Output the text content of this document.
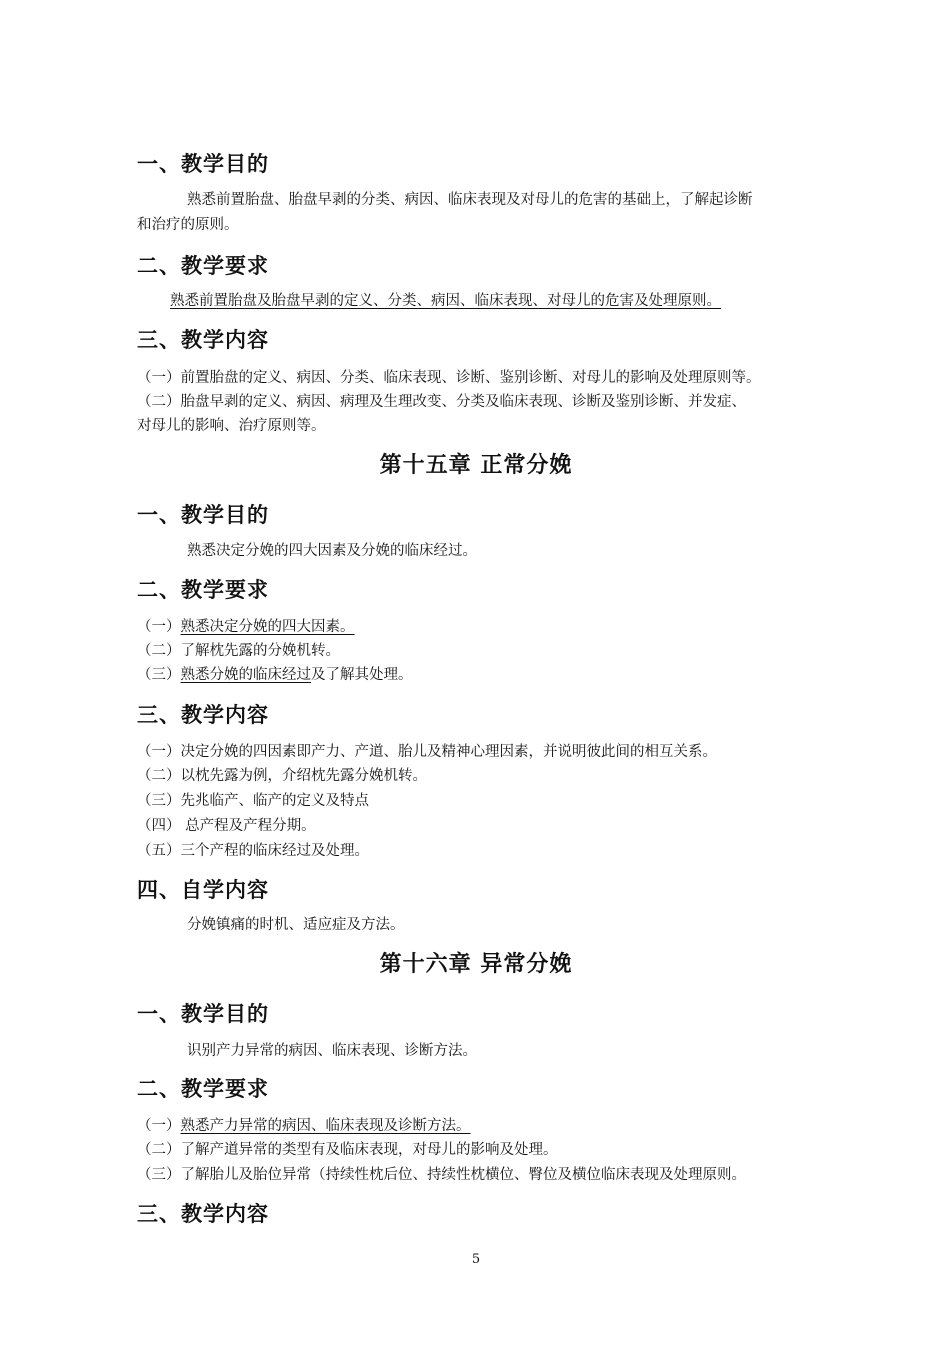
一、教学目的
熟悉前置胎盘、胎盘早剥的分类、病因、临床表现及对母儿的危害的基础上，了解起诊断
和治疗的原则。
二、教学要求
熟悉前置胎盘及胎盘早剥的定义、分类、病因、临床表现、对母儿的危害及处理原则。
三、教学内容
（一）前置胎盘的定义、病因、分类、临床表现、诊断、鉴别诊断、对母儿的影响及处理原则等。
（二）胎盘早剥的定义、病因、病理及生理改变、分类及临床表现、诊断及鉴别诊断、并发症、
对母儿的影响、治疗原则等。
第十五章 正常分娩
一、教学目的
熟悉决定分娩的四大因素及分娩的临床经过。
二、教学要求
（一）熟悉决定分娩的四大因素。
（二）了解枕先露的分娩机转。
（三）熟悉分娩的临床经过及了解其处理。
三、教学内容
（一）决定分娩的四因素即产力、产道、胎儿及精神心理因素，并说明彼此间的相互关系。
（二）以枕先露为例，介绍枕先露分娩机转。
（三）先兆临产、临产的定义及特点
（四） 总产程及产程分期。
（五）三个产程的临床经过及处理。
四、自学内容
分娩镇痛的时机、适应症及方法。
第十六章 异常分娩
一、教学目的
识别产力异常的病因、临床表现、诊断方法。
二、教学要求
（一）熟悉产力异常的病因、临床表现及诊断方法。
（二）了解产道异常的类型有及临床表现，对母儿的影响及处理。
（三）了解胎儿及胎位异常（持续性枕后位、持续性枕横位、臀位及横位临床表现及处理原则。
三、教学内容
5
